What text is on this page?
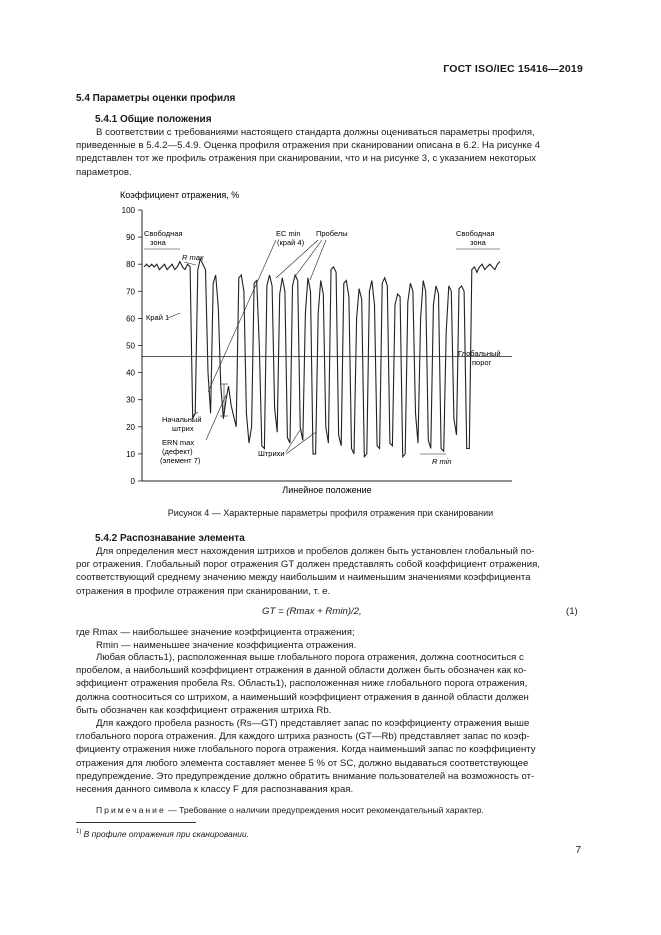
ГОСТ ISO/IEC 15416—2019
5.4 Параметры оценки профиля
5.4.1 Общие положения
В соответствии с требованиями настоящего стандарта должны оцениваться параметры профиля,
приведенные в 5.4.2—5.4.9. Оценка профиля отражения при сканировании описана в 6.2. На рисунке 4
представлен тот же профиль отражения при сканировании, что и на рисунке 3, с указанием некоторых
параметров.
Коэффициент отражения, %
100
90
80
70
60
50
40
30
20
10
0
Линейное положение
Свободная
зона
Свободная
зона
R max
EC min
(край 4)
Пробелы
Край 1
Глобальный
порог
Начальный
штрих
ERN max
(дефект)
(элемент 7)
Штрихи
R min
Рисунок 4 — Характерные параметры профиля отражения при сканировании
5.4.2 Распознавание элемента
Для определения мест нахождения штрихов и пробелов должен быть установлен глобальный по-
рог отражения. Глобальный порог отражения GT должен представлять собой коэффициент отражения,
соответствующий среднему значению между наибольшим и наименьшим значениями коэффициента
отражения в профиле отражения при сканировании, т. е.
GT = (Rmax + Rmin)/2,	(1)
где Rmax — наибольшее значение коэффициента отражения;
Rmin — наименьшее значение коэффициента отражения.
Любая область1), расположенная выше глобального порога отражения, должна соотноситься с
пробелом, а наибольший коэффициент отражения в данной области должен быть обозначен как ко-
эффициент отражения пробела Rs. Область1), расположенная ниже глобального порога отражения,
должна соотноситься со штрихом, а наименьший коэффициент отражения в данной области должен
быть обозначен как коэффициент отражения штриха Rb.
Для каждого пробела разность (Rs—GT) представляет запас по коэффициенту отражения выше
глобального порога отражения. Для каждого штриха разность (GT—Rb) представляет запас по коэф-
фициенту отражения ниже глобального порога отражения. Когда наименьший запас по коэффициенту
отражения для любого элемента составляет менее 5 % от SC, должно выдаваться соответствующее
предупреждение. Это предупреждение должно обратить внимание пользователей на возможность от-
несения данного символа к классу F для распознавания края.
Примечание — Требование о наличии предупреждения носит рекомендательный характер.
$^{1)}$ В профиле отражения при сканировании.
7
